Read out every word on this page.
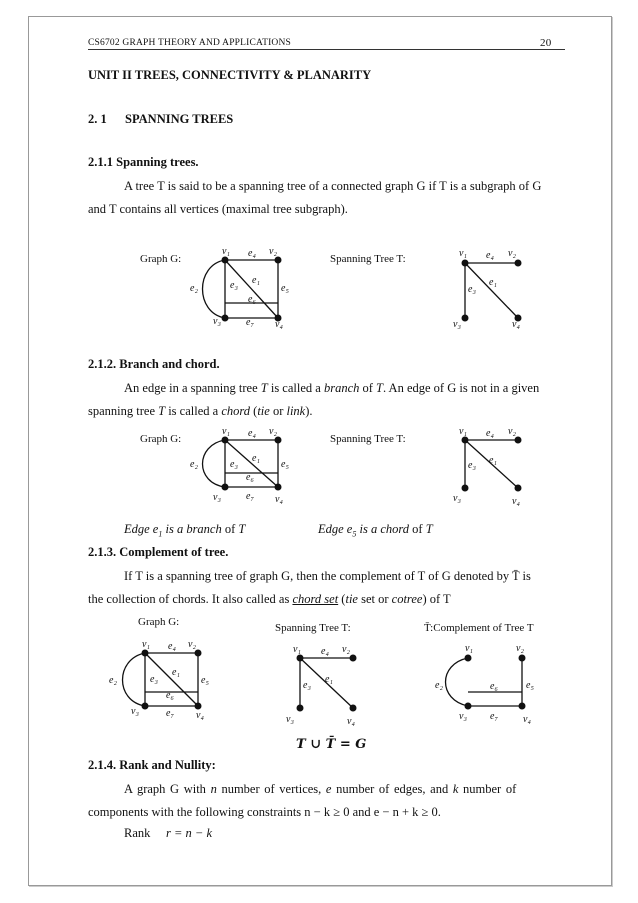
CS6702 GRAPH THEORY AND APPLICATIONS	20
UNIT II TREES, CONNECTIVITY & PLANARITY
2. 1 SPANNING TREES
2.1.1 Spanning trees.
A tree T is said to be a spanning tree of a connected graph G if T is a subgraph of G
and T contains all vertices (maximal tree subgraph).
Graph G:	Spanning Tree T:
v₁	v₂
v₃	v₄
e₄
e₂	e₃ e₁
e₅
e₆
e₇
v₁	v₂
v₃	v₄
e₄
e₃
e₁
2.1.2. Branch and chord.
An edge in a spanning tree T is called a branch of T. An edge of G is not in a given
spanning tree T is called a chord (tie or link).
Graph G:	Spanning Tree T:
v₁	v₂
v₃	v₄
e₄
e₂	e₃
e₁
e₅
e₆
e₇
v₁	v₂
v₃	v₄
e₄
e₃ e₁
Edge $e_1$ is a branch of T	Edge $e_5$ is a chord of T
2.1.3. Complement of tree.
If T is a spanning tree of graph G, then the complement of T of G denoted by T̄ is
the collection of chords. It also called as chord set (tie set or cotree) of T
Graph G:	Spanning Tree T:	T̄:Complement of Tree T
v₁	v₂
v₃	v₄
e₄
e₂	e₃
e₁
e₅
e₆
e₇
v₁	v₂
v₃	v₄
e₄
e₃
e₁
v₁	v₂
v₃	v₄
e₂	e₅
e₆
e₇
T ∪ T̄ = G
2.1.4. Rank and Nullity:
A graph G with n number of vertices, e number of edges, and k number of
components with the following constraints n − k ≥ 0 and e − n + k ≥ 0.
Rank r = n − k
